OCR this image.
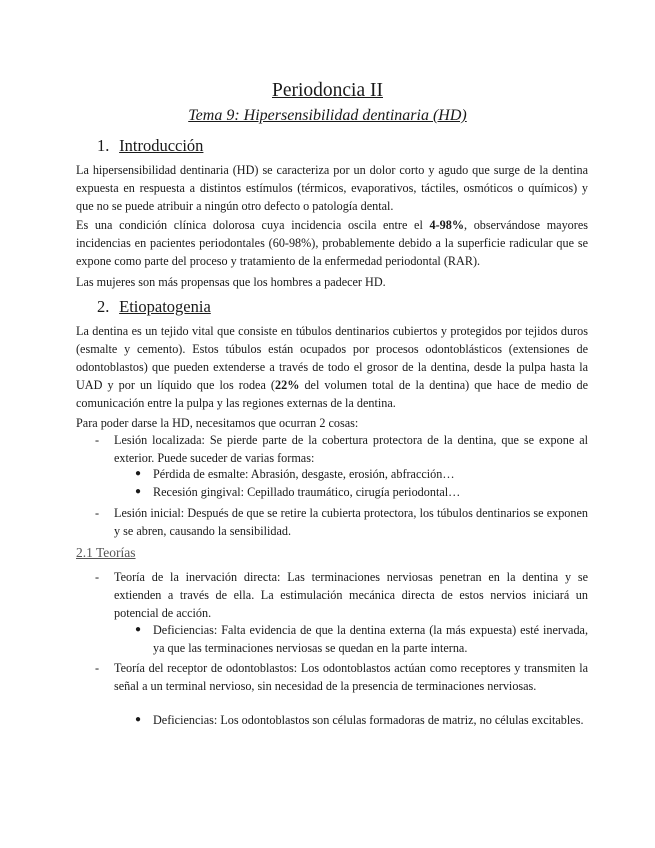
Periodoncia II
Tema 9: Hipersensibilidad dentinaria (HD)
1. Introducción
La hipersensibilidad dentinaria (HD) se caracteriza por un dolor corto y agudo que surge de la dentina expuesta en respuesta a distintos estímulos (térmicos, evaporativos, táctiles, osmóticos o químicos) y que no se puede atribuir a ningún otro defecto o patología dental.
Es una condición clínica dolorosa cuya incidencia oscila entre el 4-98%, observándose mayores incidencias en pacientes periodontales (60-98%), probablemente debido a la superficie radicular que se expone como parte del proceso y tratamiento de la enfermedad periodontal (RAR).
Las mujeres son más propensas que los hombres a padecer HD.
2. Etiopatogenia
La dentina es un tejido vital que consiste en túbulos dentinarios cubiertos y protegidos por tejidos duros (esmalte y cemento). Estos túbulos están ocupados por procesos odontoblásticos (extensiones de odontoblastos) que pueden extenderse a través de todo el grosor de la dentina, desde la pulpa hasta la UAD y por un líquido que los rodea (22% del volumen total de la dentina) que hace de medio de comunicación entre la pulpa y las regiones externas de la dentina.
Para poder darse la HD, necesitamos que ocurran 2 cosas:
- Lesión localizada: Se pierde parte de la cobertura protectora de la dentina, que se expone al exterior. Puede suceder de varias formas:
● Pérdida de esmalte: Abrasión, desgaste, erosión, abfracción…
● Recesión gingival: Cepillado traumático, cirugía periodontal…
- Lesión inicial: Después de que se retire la cubierta protectora, los túbulos dentinarios se exponen y se abren, causando la sensibilidad.
2.1 Teorías
- Teoría de la inervación directa: Las terminaciones nerviosas penetran en la dentina y se extienden a través de ella. La estimulación mecánica directa de estos nervios iniciará un potencial de acción.
● Deficiencias: Falta evidencia de que la dentina externa (la más expuesta) esté inervada, ya que las terminaciones nerviosas se quedan en la parte interna.
- Teoría del receptor de odontoblastos: Los odontoblastos actúan como receptores y transmiten la señal a un terminal nervioso, sin necesidad de la presencia de terminaciones nerviosas.
● Deficiencias: Los odontoblastos son células formadoras de matriz, no células excitables.
